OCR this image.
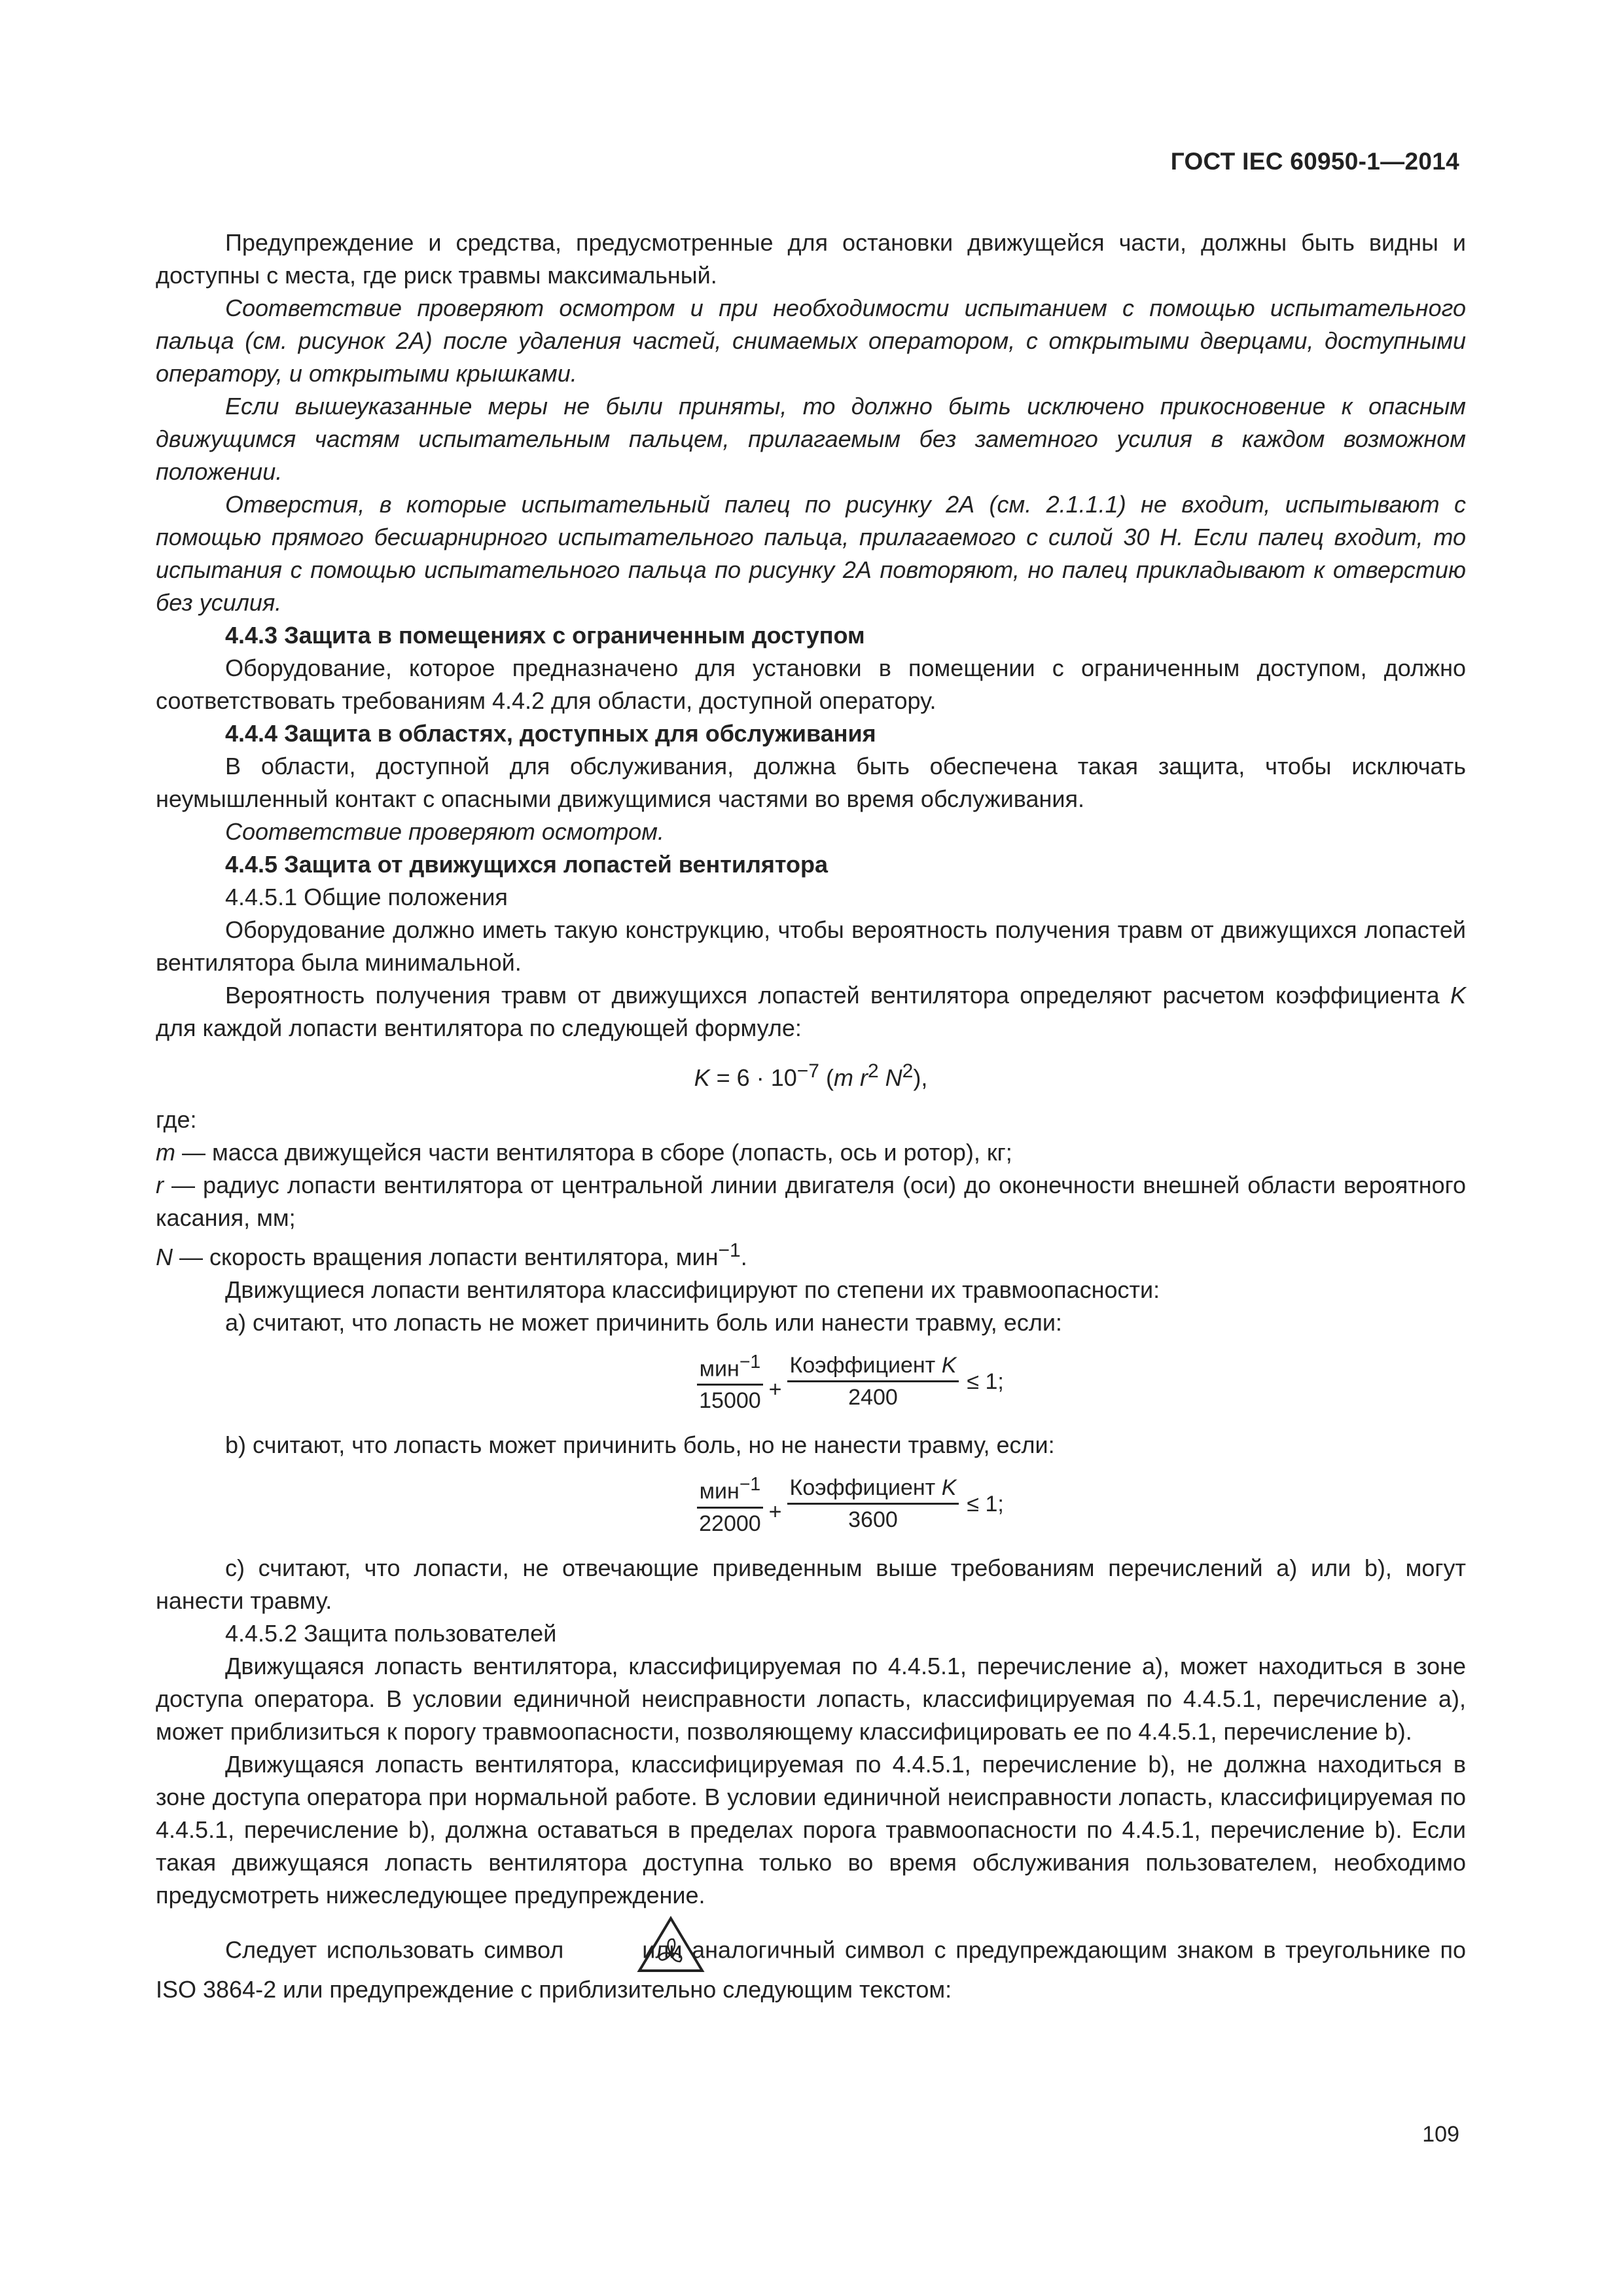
ГОСТ IEC 60950-1—2014

Предупреждение и средства, предусмотренные для остановки движущейся части, должны быть видны и доступны с места, где риск травмы максимальный.

Соответствие проверяют осмотром и при необходимости испытанием с помощью испытательного пальца (см. рисунок 2А) после удаления частей, снимаемых оператором, с открытыми дверцами, доступными оператору, и открытыми крышками.

Если вышеуказанные меры не были приняты, то должно быть исключено прикосновение к опасным движущимся частям испытательным пальцем, прилагаемым без заметного усилия в каждом возможном положении.

Отверстия, в которые испытательный палец по рисунку 2А (см. 2.1.1.1) не входит, испытывают с помощью прямого бесшарнирного испытательного пальца, прилагаемого с силой 30 Н. Если палец входит, то испытания с помощью испытательного пальца по рисунку 2А повторяют, но палец прикладывают к отверстию без усилия.

4.4.3 Защита в помещениях с ограниченным доступом

Оборудование, которое предназначено для установки в помещении с ограниченным доступом, должно соответствовать требованиям 4.4.2 для области, доступной оператору.

4.4.4 Защита в областях, доступных для обслуживания

В области, доступной для обслуживания, должна быть обеспечена такая защита, чтобы исключать неумышленный контакт с опасными движущимися частями во время обслуживания.

Соответствие проверяют осмотром.

4.4.5 Защита от движущихся лопастей вентилятора

4.4.5.1 Общие положения

Оборудование должно иметь такую конструкцию, чтобы вероятность получения травм от движущихся лопастей вентилятора была минимальной.

Вероятность получения травм от движущихся лопастей вентилятора определяют расчетом коэффициента K для каждой лопасти вентилятора по следующей формуле:

$K = 6 \cdot 10^{-7}$ (m $r^2$ $N^2$),

где:

m — масса движущейся части вентилятора в сборе (лопасть, ось и ротор), кг;

r — радиус лопасти вентилятора от центральной линии двигателя (оси) до оконечности внешней области вероятного касания, мм;

N — скорость вращения лопасти вентилятора, мин$^{-1}$.

Движущиеся лопасти вентилятора классифицируют по степени их травмоопасности:

a) считают, что лопасть не может причинить боль или нанести травму, если:

$\frac{мин^{-1}}{15000} + \frac{\text{Коэффициент K}}{2400} \le 1$;

b) считают, что лопасть может причинить боль, но не нанести травму, если:

$\frac{мин^{-1}}{22000} + \frac{\text{Коэффициент K}}{3600} \le 1$;

c) считают, что лопасти, не отвечающие приведенным выше требованиям перечислений a) или b), могут нанести травму.

4.4.5.2 Защита пользователей

Движущаяся лопасть вентилятора, классифицируемая по 4.4.5.1, перечисление a), может находиться в зоне доступа оператора. В условии единичной неисправности лопасть, классифицируемая по 4.4.5.1, перечисление a), может приблизиться к порогу травмоопасности, позволяющему классифицировать ее по 4.4.5.1, перечисление b).

Движущаяся лопасть вентилятора, классифицируемая по 4.4.5.1, перечисление b), не должна находиться в зоне доступа оператора при нормальной работе. В условии единичной неисправности лопасть, классифицируемая по 4.4.5.1, перечисление b), должна оставаться в пределах порога травмоопасности по 4.4.5.1, перечисление b). Если такая движущаяся лопасть вентилятора доступна только во время обслуживания пользователем, необходимо предусмотреть нижеследующее предупреждение.

Следует использовать символ	или аналогичный символ с предупреждающим знаком в треугольнике по ISO 3864-2 или предупреждение с приблизительно следующим текстом:

109
